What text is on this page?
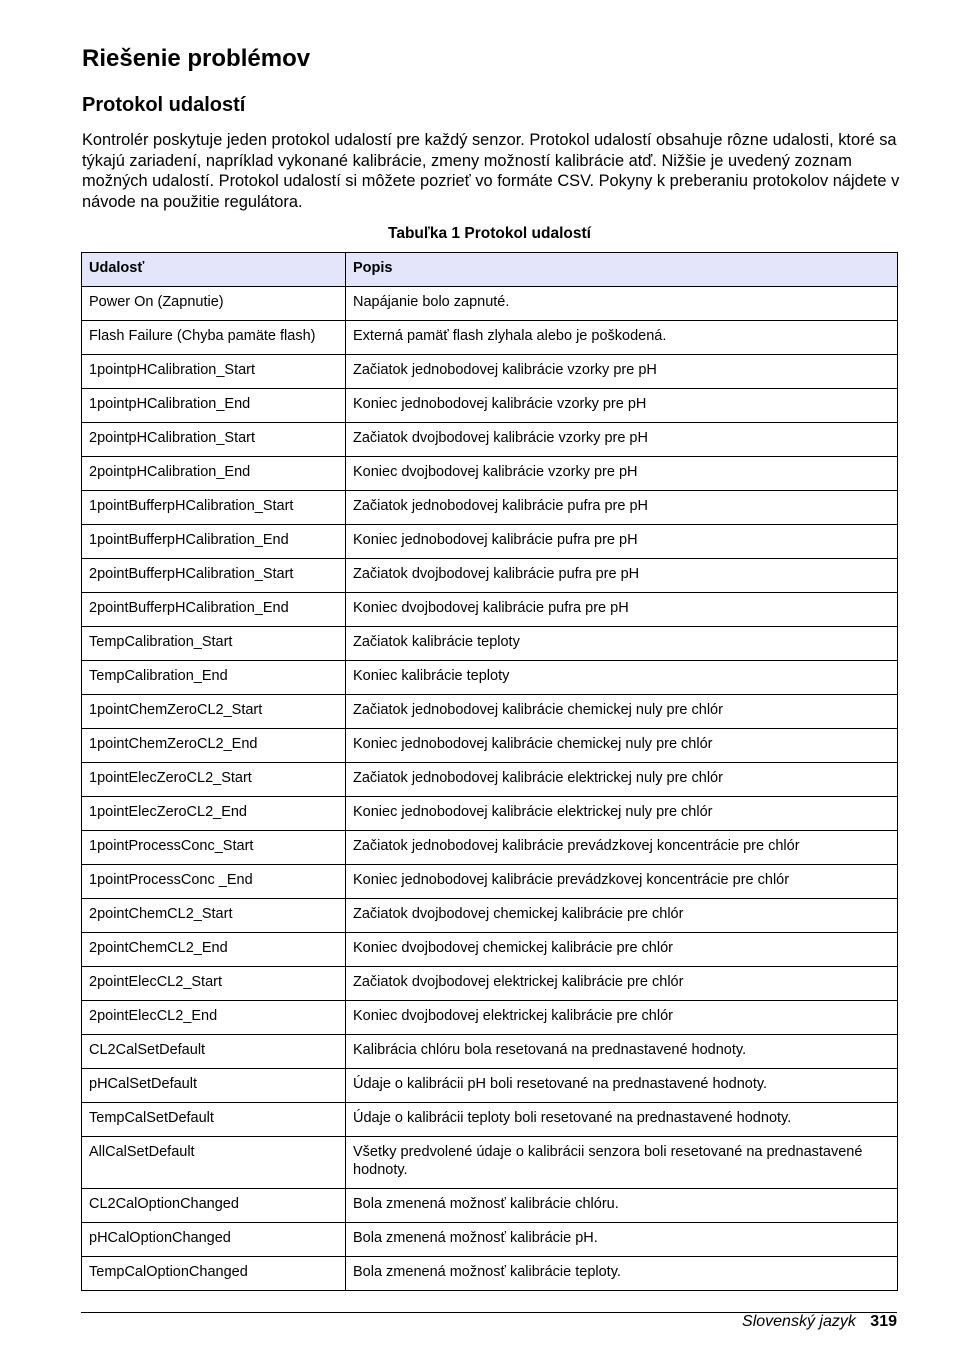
Riešenie problémov
Protokol udalostí

Kontrolér poskytuje jeden protokol udalostí pre každý senzor. Protokol udalostí obsahuje rôzne udalosti, ktoré sa týkajú zariadení, napríklad vykonané kalibrácie, zmeny možností kalibrácie atď. Nižšie je uvedený zoznam možných udalostí. Protokol udalostí si môžete pozrieť vo formáte CSV. Pokyny k preberaniu protokolov nájdete v návode na použitie regulátora.

Tabuľka 1 Protokol udalostí

Udalosť	Popis
Power On (Zapnutie)	Napájanie bolo zapnuté.
Flash Failure (Chyba pamäte flash)	Externá pamäť flash zlyhala alebo je poškodená.
1pointpHCalibration_Start	Začiatok jednobodovej kalibrácie vzorky pre pH
1pointpHCalibration_End	Koniec jednobodovej kalibrácie vzorky pre pH
2pointpHCalibration_Start	Začiatok dvojbodovej kalibrácie vzorky pre pH
2pointpHCalibration_End	Koniec dvojbodovej kalibrácie vzorky pre pH
1pointBufferpHCalibration_Start	Začiatok jednobodovej kalibrácie pufra pre pH
1pointBufferpHCalibration_End	Koniec jednobodovej kalibrácie pufra pre pH
2pointBufferpHCalibration_Start	Začiatok dvojbodovej kalibrácie pufra pre pH
2pointBufferpHCalibration_End	Koniec dvojbodovej kalibrácie pufra pre pH
TempCalibration_Start	Začiatok kalibrácie teploty
TempCalibration_End	Koniec kalibrácie teploty
1pointChemZeroCL2_Start	Začiatok jednobodovej kalibrácie chemickej nuly pre chlór
1pointChemZeroCL2_End	Koniec jednobodovej kalibrácie chemickej nuly pre chlór
1pointElecZeroCL2_Start	Začiatok jednobodovej kalibrácie elektrickej nuly pre chlór
1pointElecZeroCL2_End	Koniec jednobodovej kalibrácie elektrickej nuly pre chlór
1pointProcessConc_Start	Začiatok jednobodovej kalibrácie prevádzkovej koncentrácie pre chlór
1pointProcessConc _End	Koniec jednobodovej kalibrácie prevádzkovej koncentrácie pre chlór
2pointChemCL2_Start	Začiatok dvojbodovej chemickej kalibrácie pre chlór
2pointChemCL2_End	Koniec dvojbodovej chemickej kalibrácie pre chlór
2pointElecCL2_Start	Začiatok dvojbodovej elektrickej kalibrácie pre chlór
2pointElecCL2_End	Koniec dvojbodovej elektrickej kalibrácie pre chlór
CL2CalSetDefault	Kalibrácia chlóru bola resetovaná na prednastavené hodnoty.
pHCalSetDefault	Údaje o kalibrácii pH boli resetované na prednastavené hodnoty.
TempCalSetDefault	Údaje o kalibrácii teploty boli resetované na prednastavené hodnoty.
AllCalSetDefault	Všetky predvolené údaje o kalibrácii senzora boli resetované na prednastavené hodnoty.
CL2CalOptionChanged	Bola zmenená možnosť kalibrácie chlóru.
pHCalOptionChanged	Bola zmenená možnosť kalibrácie pH.
TempCalOptionChanged	Bola zmenená možnosť kalibrácie teploty.
Slovenský jazyk 319
